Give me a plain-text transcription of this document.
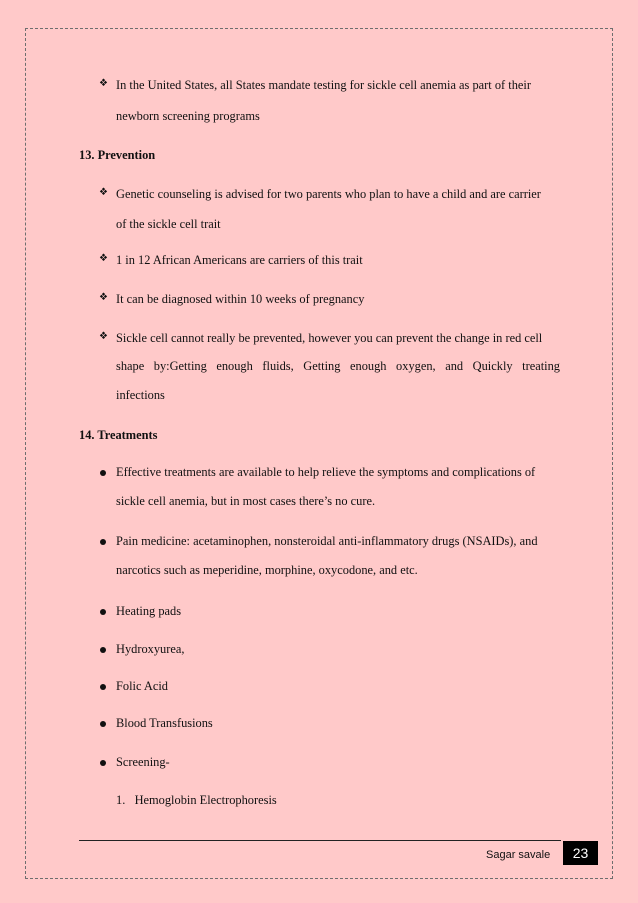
❖ In the United States, all States mandate testing for sickle cell anemia as part of their
newborn screening programs
13. Prevention
❖ Genetic counseling is advised for two parents who plan to have a child and are carrier
of the sickle cell trait
❖ 1 in 12 African Americans are carriers of this trait
❖ It can be diagnosed within 10 weeks of pregnancy
❖ Sickle cell cannot really be prevented, however you can prevent the change in red cell
shape by:Getting enough fluids, Getting enough oxygen, and Quickly treating
infections
14. Treatments
Effective treatments are available to help relieve the symptoms and complications of
sickle cell anemia, but in most cases there’s no cure.
Pain medicine: acetaminophen, nonsteroidal anti-inflammatory drugs (NSAIDs), and
narcotics such as meperidine, morphine, oxycodone, and etc.
Heating pads
Hydroxyurea,
Folic Acid
Blood Transfusions
Screening-
1.   Hemoglobin Electrophoresis
Sagar savale	23
